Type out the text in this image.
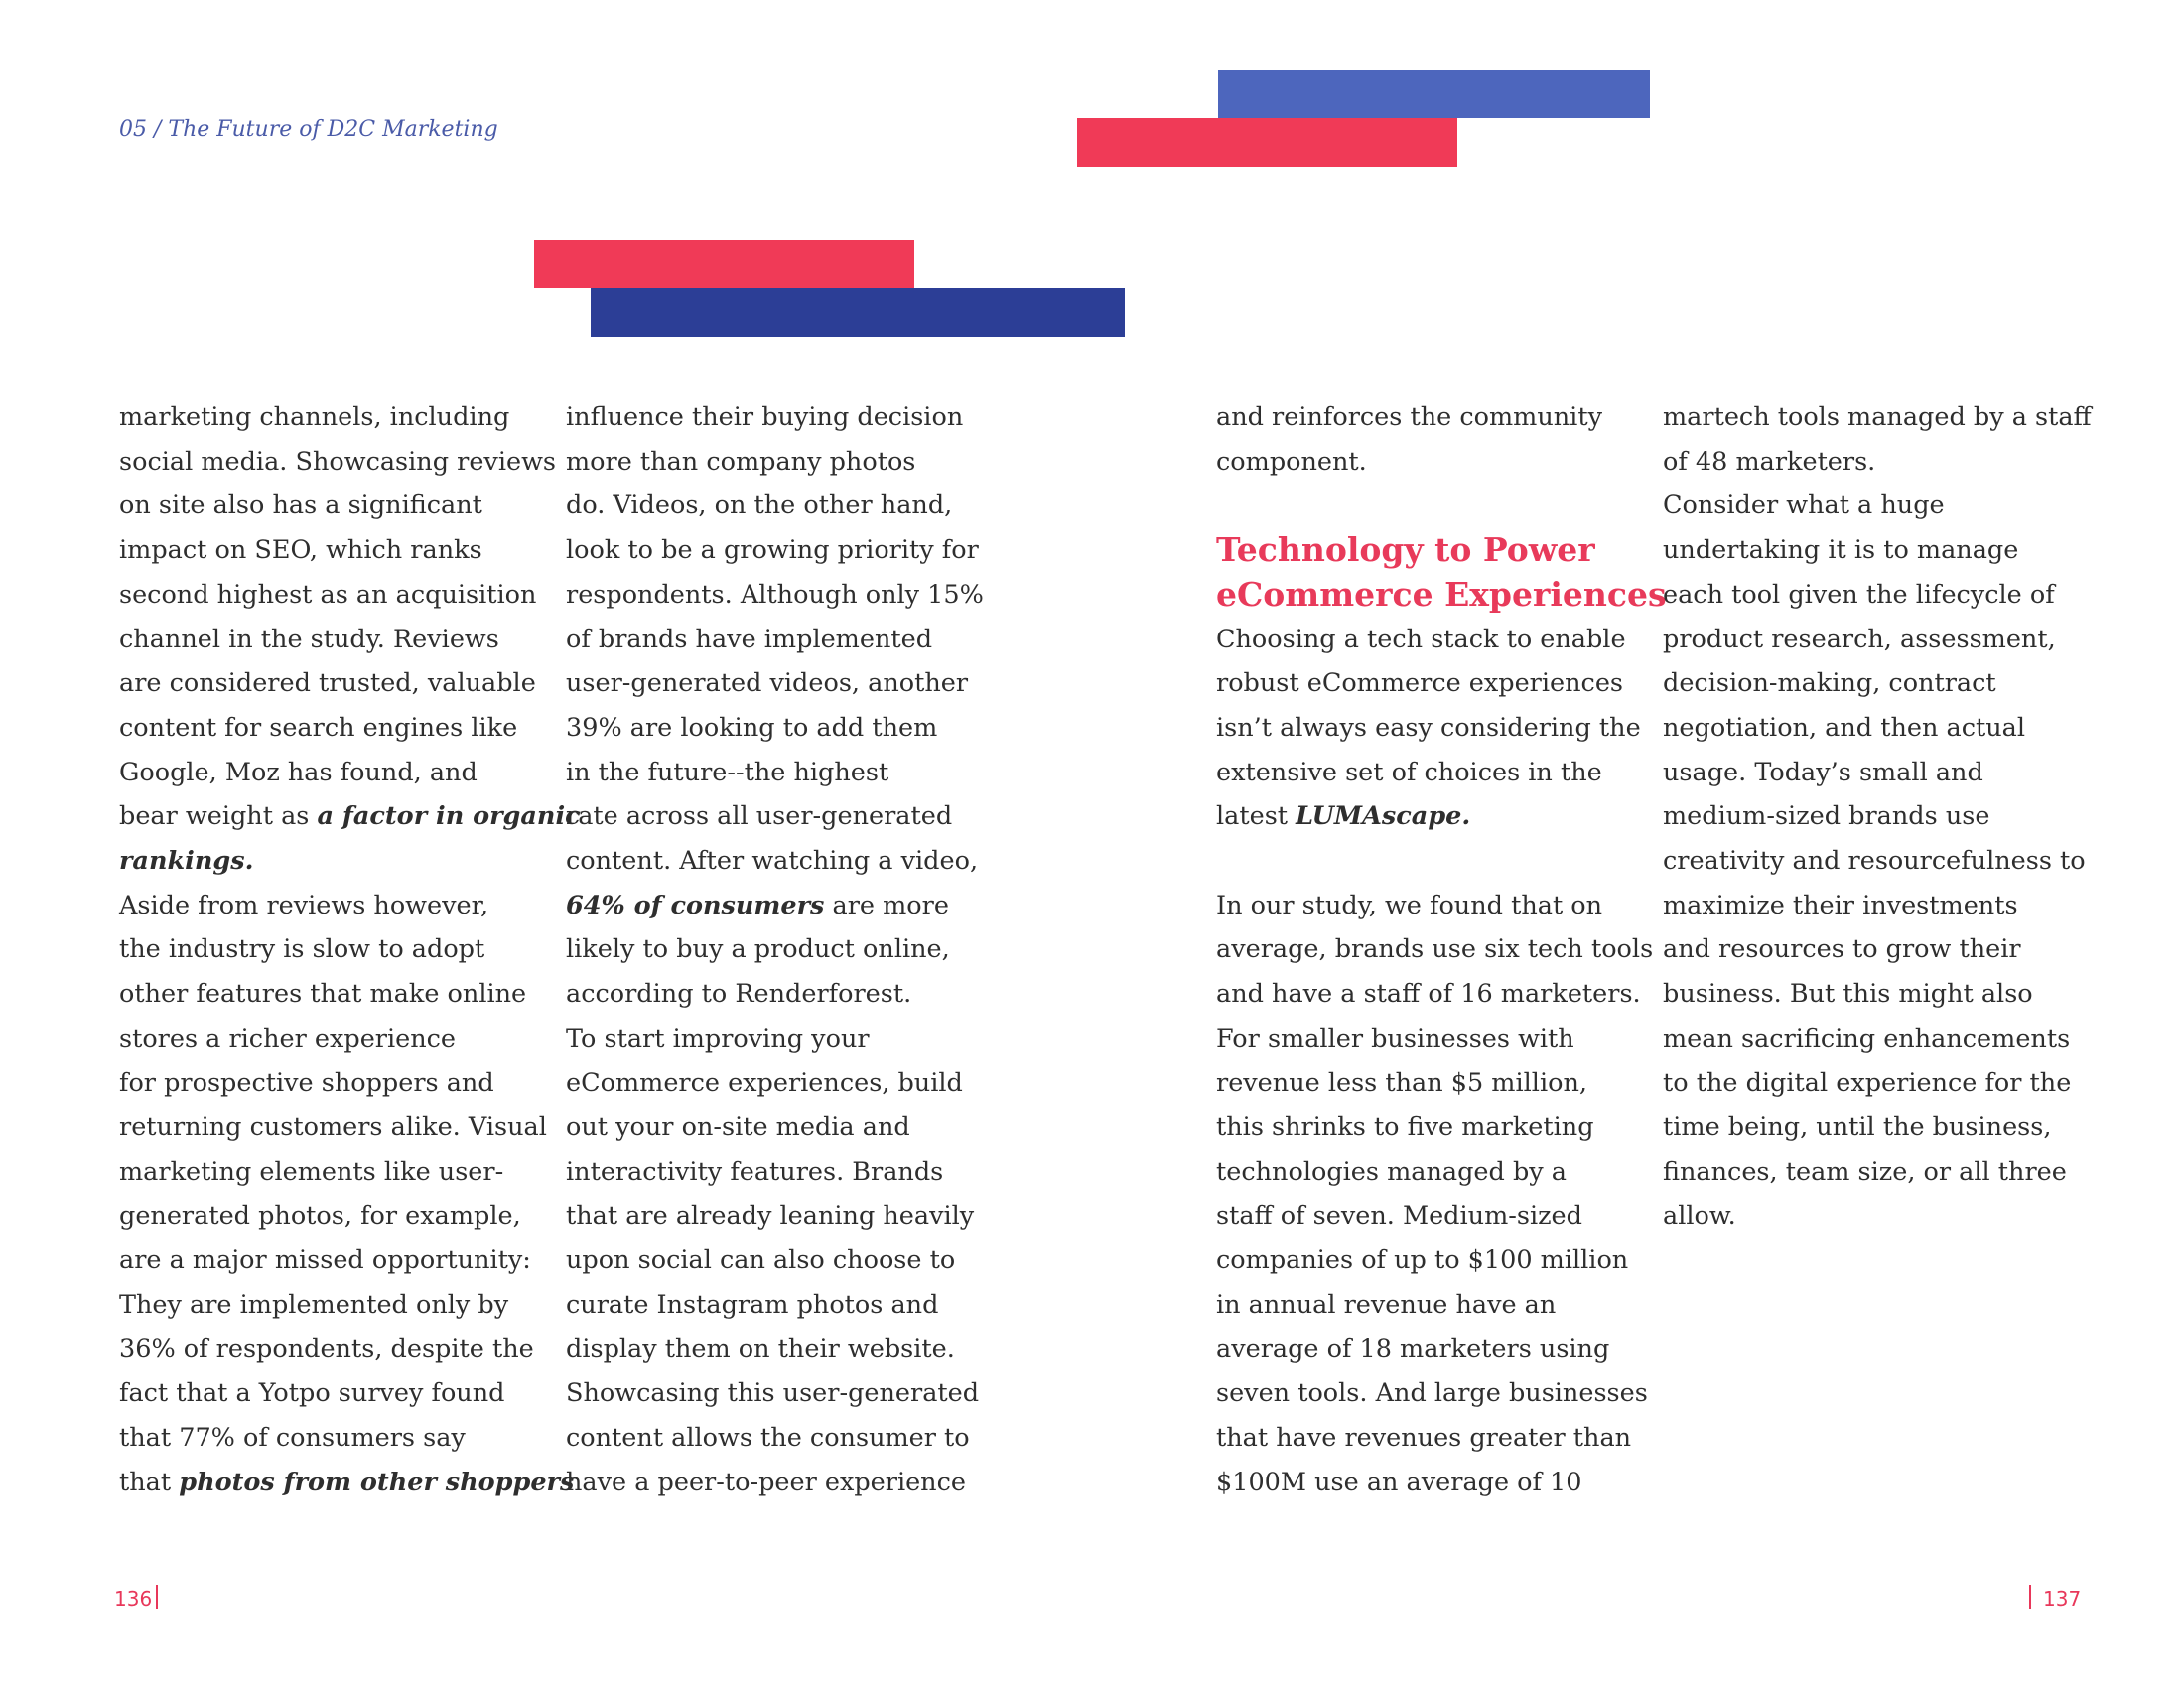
05 / The Future of D2C Marketing
marketing channels, including
social media. Showcasing reviews
on site also has a significant
impact on SEO, which ranks
second highest as an acquisition
channel in the study. Reviews
are considered trusted, valuable
content for search engines like
Google, Moz has found, and
bear weight as a factor in organic
rankings.
Aside from reviews however,
the industry is slow to adopt
other features that make online
stores a richer experience
for prospective shoppers and
returning customers alike. Visual
marketing elements like user-
generated photos, for example,
are a major missed opportunity:
They are implemented only by
36% of respondents, despite the
fact that a Yotpo survey found
that 77% of consumers say
that photos from other shoppers
influence their buying decision
more than company photos
do. Videos, on the other hand,
look to be a growing priority for
respondents. Although only 15%
of brands have implemented
user-generated videos, another
39% are looking to add them
in the future--the highest
rate across all user-generated
content. After watching a video,
64% of consumers are more
likely to buy a product online,
according to Renderforest.
To start improving your
eCommerce experiences, build
out your on-site media and
interactivity features. Brands
that are already leaning heavily
upon social can also choose to
curate Instagram photos and
display them on their website.
Showcasing this user-generated
content allows the consumer to
have a peer-to-peer experience
and reinforces the community
component.
Technology to Power
eCommerce Experiences
Choosing a tech stack to enable
robust eCommerce experiences
isn’t always easy considering the
extensive set of choices in the
latest LUMAscape.
In our study, we found that on
average, brands use six tech tools
and have a staff of 16 marketers.
For smaller businesses with
revenue less than $5 million,
this shrinks to five marketing
technologies managed by a
staff of seven. Medium-sized
companies of up to $100 million
in annual revenue have an
average of 18 marketers using
seven tools. And large businesses
that have revenues greater than
$100M use an average of 10
martech tools managed by a staff
of 48 marketers.
Consider what a huge
undertaking it is to manage
each tool given the lifecycle of
product research, assessment,
decision-making, contract
negotiation, and then actual
usage. Today’s small and
medium-sized brands use
creativity and resourcefulness to
maximize their investments
and resources to grow their
business. But this might also
mean sacrificing enhancements
to the digital experience for the
time being, until the business,
finances, team size, or all three
allow.
136	137
